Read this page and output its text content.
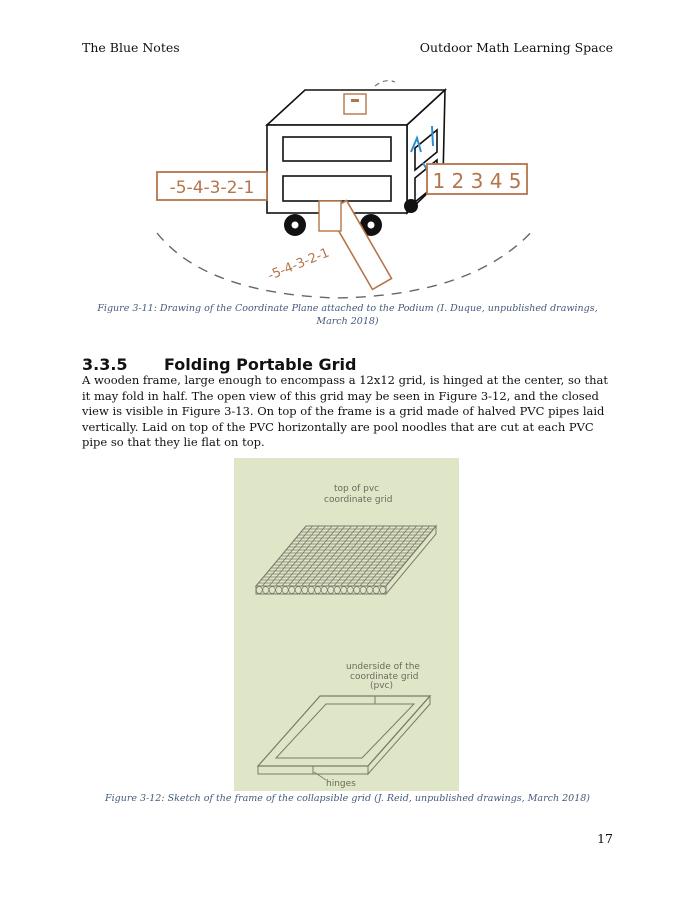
The Blue Notes	Outdoor Math Learning Space
-5-4-3-2-1	1 2 3 4 5
-5-4-3-2-1
Figure 3-11: Drawing of the Coordinate Plane attached to the Podium (I. Duque, unpublished drawings, March 2018)
3.3.5 Folding Portable Grid

A wooden frame, large enough to encompass a 12x12 grid, is hinged at the center, so that it may fold in half. The open view of this grid may be seen in Figure 3-12, and the closed view is visible in Figure 3-13. On top of the frame is a grid made of halved PVC pipes laid vertically. Laid on top of the PVC horizontally are pool noodles that are cut at each PVC pipe so that they lie flat on top.

top of pvc
coordinate grid
underside of the
coordinate grid
(pvc)
hinges
Figure 3-12: Sketch of the frame of the collapsible grid (J. Reid, unpublished drawings, March 2018)
17
